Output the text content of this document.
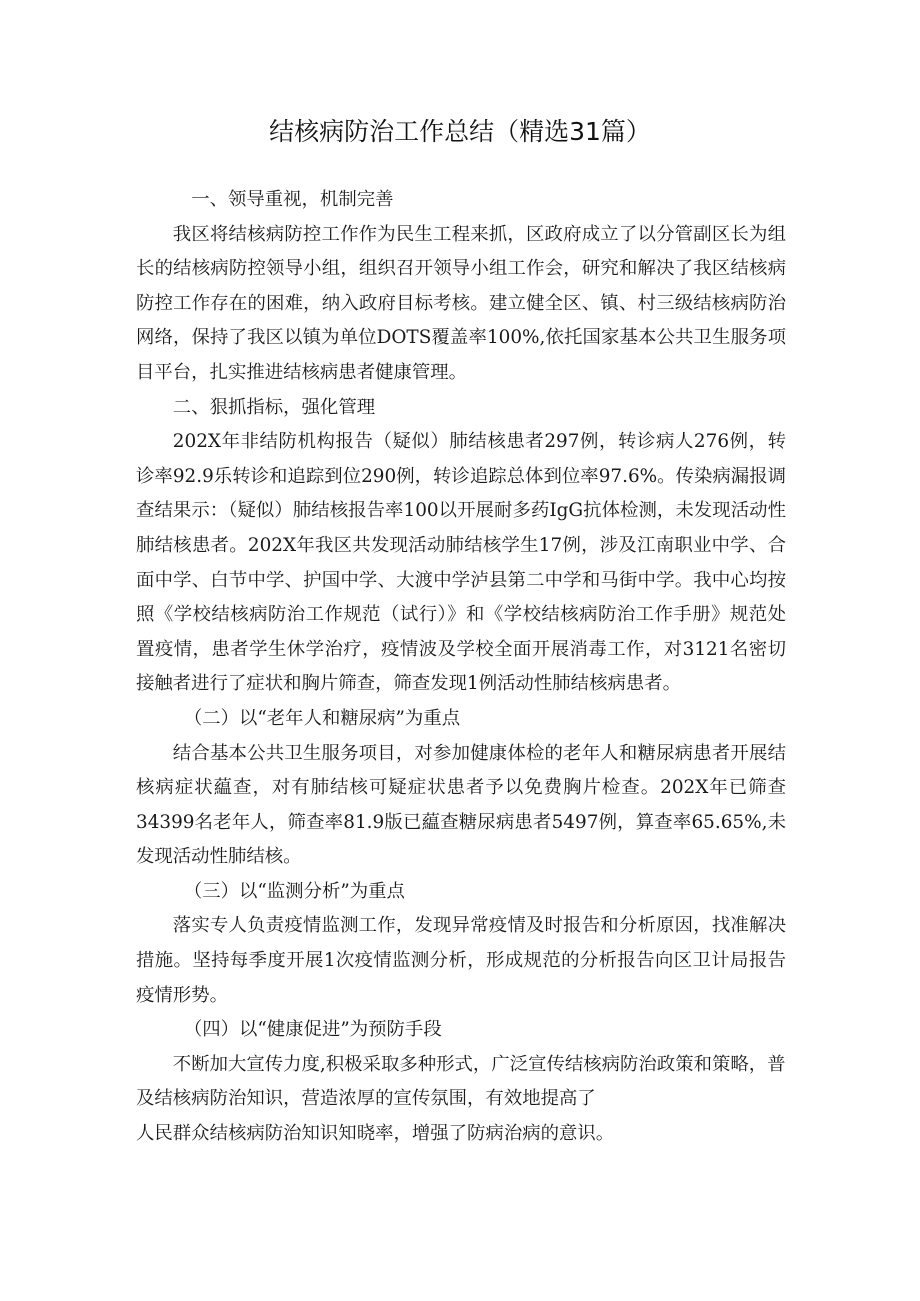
结核病防治工作总结（精选31篇）

一、领导重视，机制完善

我区将结核病防控工作作为民生工程来抓，区政府成立了以分管副区长为组长的结核病防控领导小组，组织召开领导小组工作会，研究和解决了我区结核病防控工作存在的困难，纳入政府目标考核。建立健全区、镇、村三级结核病防治网络，保持了我区以镇为单位DOTS覆盖率100%,依托国家基本公共卫生服务项目平台，扎实推进结核病患者健康管理。

二、狠抓指标，强化管理

202X年非结防机构报告（疑似）肺结核患者297例，转诊病人276例，转诊率92.9乐转诊和追踪到位290例，转诊追踪总体到位率97.6%。传染病漏报调查结果示：（疑似）肺结核报告率100以开展耐多药IgG抗体检测，未发现活动性肺结核患者。202X年我区共发现活动肺结核学生17例，涉及江南职业中学、合面中学、白节中学、护国中学、大渡中学泸县第二中学和马街中学。我中心均按照《学校结核病防治工作规范（试行）》和《学校结核病防治工作手册》规范处置疫情，患者学生休学治疗，疫情波及学校全面开展消毒工作，对3121名密切接触者进行了症状和胸片筛查，筛查发现1例活动性肺结核病患者。

（二）以“老年人和糖尿病”为重点

结合基本公共卫生服务项目，对参加健康体检的老年人和糖尿病患者开展结核病症状藴查，对有肺结核可疑症状患者予以免费胸片检查。202X年已筛查34399名老年人，筛查率81.9版已藴查糖尿病患者5497例，算查率65.65%,未发现活动性肺结核。

（三）以“监测分析”为重点

落实专人负责疫情监测工作，发现异常疫情及时报告和分析原因，找准解决措施。坚持每季度开展1次疫情监测分析，形成规范的分析报告向区卫计局报告疫情形势。

（四）以“健康促进”为预防手段

不断加大宣传力度,积极采取多种形式，广泛宣传结核病防治政策和策略，普及结核病防治知识，营造浓厚的宣传氛围，有效地提高了

人民群众结核病防治知识知晓率，增强了防病治病的意识。
